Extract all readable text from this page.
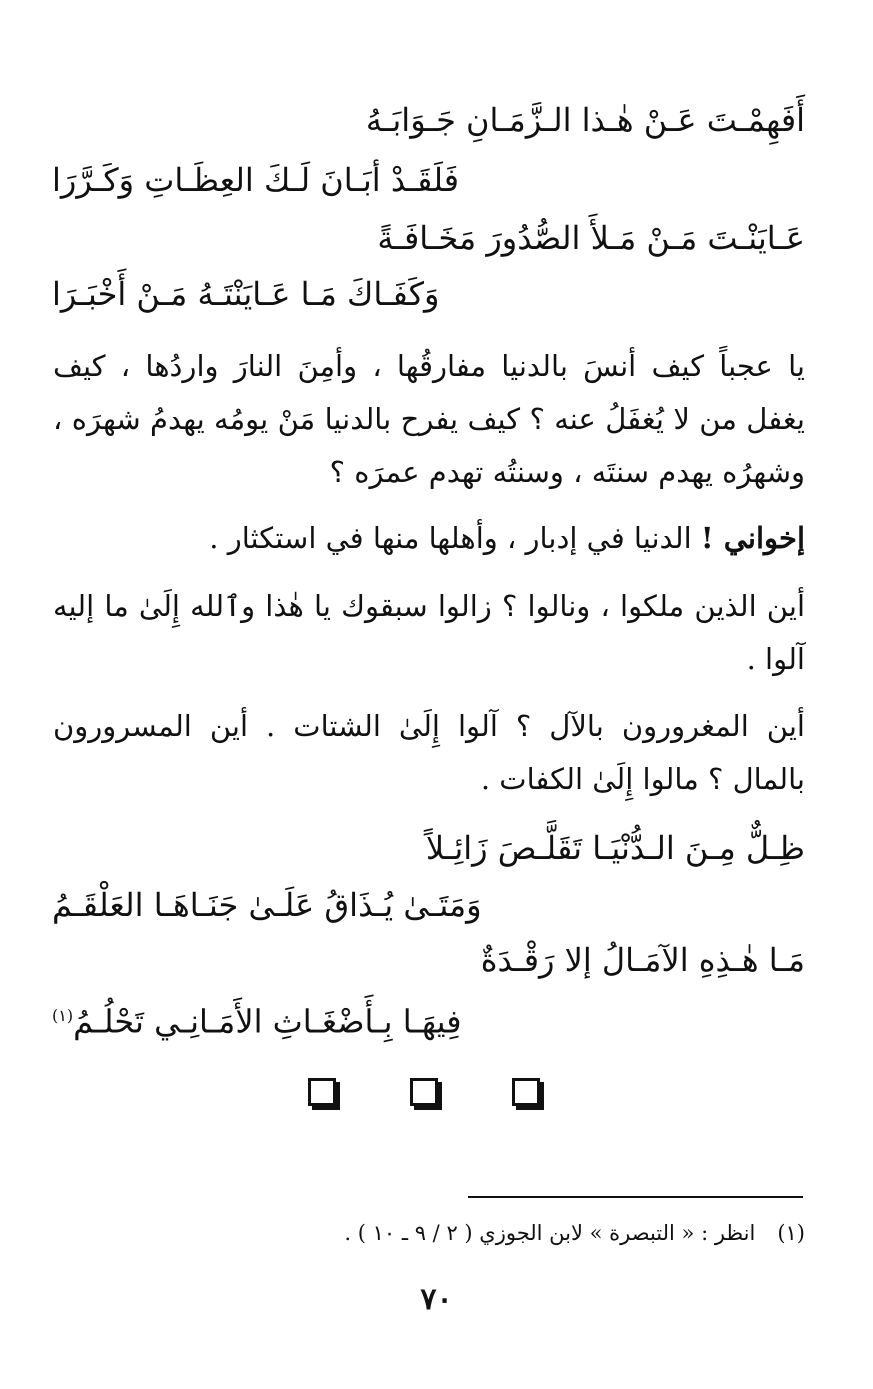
أَفَهِمْـتَ عَـنْ هٰـذا الـزَّمَـانِ جَـوَابَـهُ
فَلَقَـدْ أبَـانَ لَـكَ العِظَـاتِ وَكَـرَّرَا
عَـايَنْـتَ مَـنْ مَـلأَ الصُّدُورَ مَخَـافَـةً
وَكَفَـاكَ مَـا عَـايَنْتَـهُ مَـنْ أَخْبَـرَا
يا عجباً كيف أنسَ بالدنيا مفارقُها ، وأمِنَ النارَ واردُها ، كيف يغفل من لا يُغفَلُ عنه ؟ كيف يفرح بالدنيا مَنْ يومُه يهدمُ شهرَه ، وشهرُه يهدم سنتَه ، وسنتُه تهدم عمرَه ؟
إخواني ! الدنيا في إدبار ، وأهلها منها في استكثار .
أين الذين ملكوا ، ونالوا ؟ زالوا سبقوك يا هٰذا وٱلله إِلَىٰ ما إليه آلوا .
أين المغرورون بالآل ؟ آلوا إِلَىٰ الشتات . أين المسرورون بالمال ؟ مالوا إِلَىٰ الكفات .
ظِـلٌّ مِـنَ الـدُّنْيَـا تَقَلَّـصَ زَائِـلاً
وَمَتَـىٰ يُـذَاقُ عَلَـىٰ جَنَـاهَـا العَلْقَـمُ
مَـا هٰـذِهِ الآمَـالُ إلا رَقْـدَةٌ
فِيهَـا بِـأَضْغَـاثِ الأَمَـانِـي تَحْلُـمُ$^{(١)}$
(١)انظر : « التبصرة » لابن الجوزي ( ٢ / ٩ ـ ١٠ ) .
٧٠
